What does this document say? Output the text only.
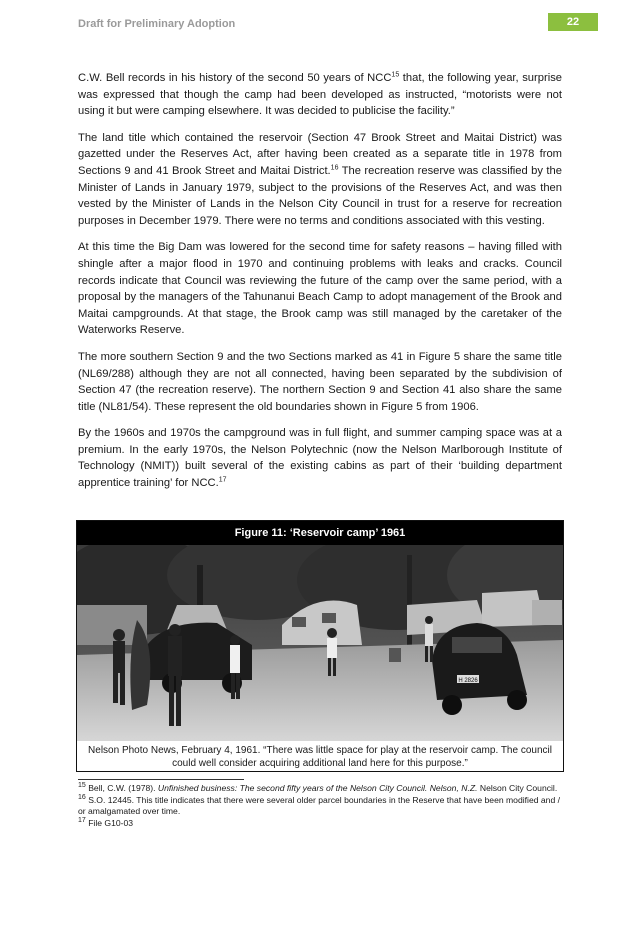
Draft for Preliminary Adoption	22

C.W. Bell records in his history of the second 50 years of NCC$^{15}$ that, the following year, surprise was expressed that though the camp had been developed as instructed, “motorists were not using it but were camping elsewhere. It was decided to publicise the facility.”

The land title which contained the reservoir (Section 47 Brook Street and Maitai District) was gazetted under the Reserves Act, after having been created as a separate title in 1978 from Sections 9 and 41 Brook Street and Maitai District.$^{16}$ The recreation reserve was classified by the Minister of Lands in January 1979, subject to the provisions of the Reserves Act, and was then vested by the Minister of Lands in the Nelson City Council in trust for a reserve for recreation purposes in December 1979. There were no terms and conditions associated with this vesting.

At this time the Big Dam was lowered for the second time for safety reasons – having filled with shingle after a major flood in 1970 and continuing problems with leaks and cracks. Council records indicate that Council was reviewing the future of the camp over the same period, with a proposal by the managers of the Tahunanui Beach Camp to adopt management of the Brook and Maitai campgrounds. At that stage, the Brook camp was still managed by the caretaker of the Waterworks Reserve.

The more southern Section 9 and the two Sections marked as 41 in Figure 5 share the same title (NL69/288) although they are not all connected, having been separated by the subdivision of Section 47 (the recreation reserve). The northern Section 9 and Section 41 also share the same title (NL81/54). These represent the old boundaries shown in Figure 5 from 1906.

By the 1960s and 1970s the campground was in full flight, and summer camping space was at a premium. In the early 1970s, the Nelson Polytechnic (now the Nelson Marlborough Institute of Technology (NMIT)) built several of the existing cabins as part of their ‘building department apprentice training’ for NCC.$^{17}$

Figure 11: ‘Reservoir camp’ 1961
H 2826
Nelson Photo News, February 4, 1961. “There was little space for play at the reservoir camp. The council could well consider acquiring additional land here for this purpose.”
$^{15}$ Bell, C.W. (1978). Unfinished business: The second fifty years of the Nelson City Council. Nelson, N.Z. Nelson City Council.
$^{16}$ S.O. 12445. This title indicates that there were several older parcel boundaries in the Reserve that have been modified and / or amalgamated over time.
$^{17}$ File G10-03
